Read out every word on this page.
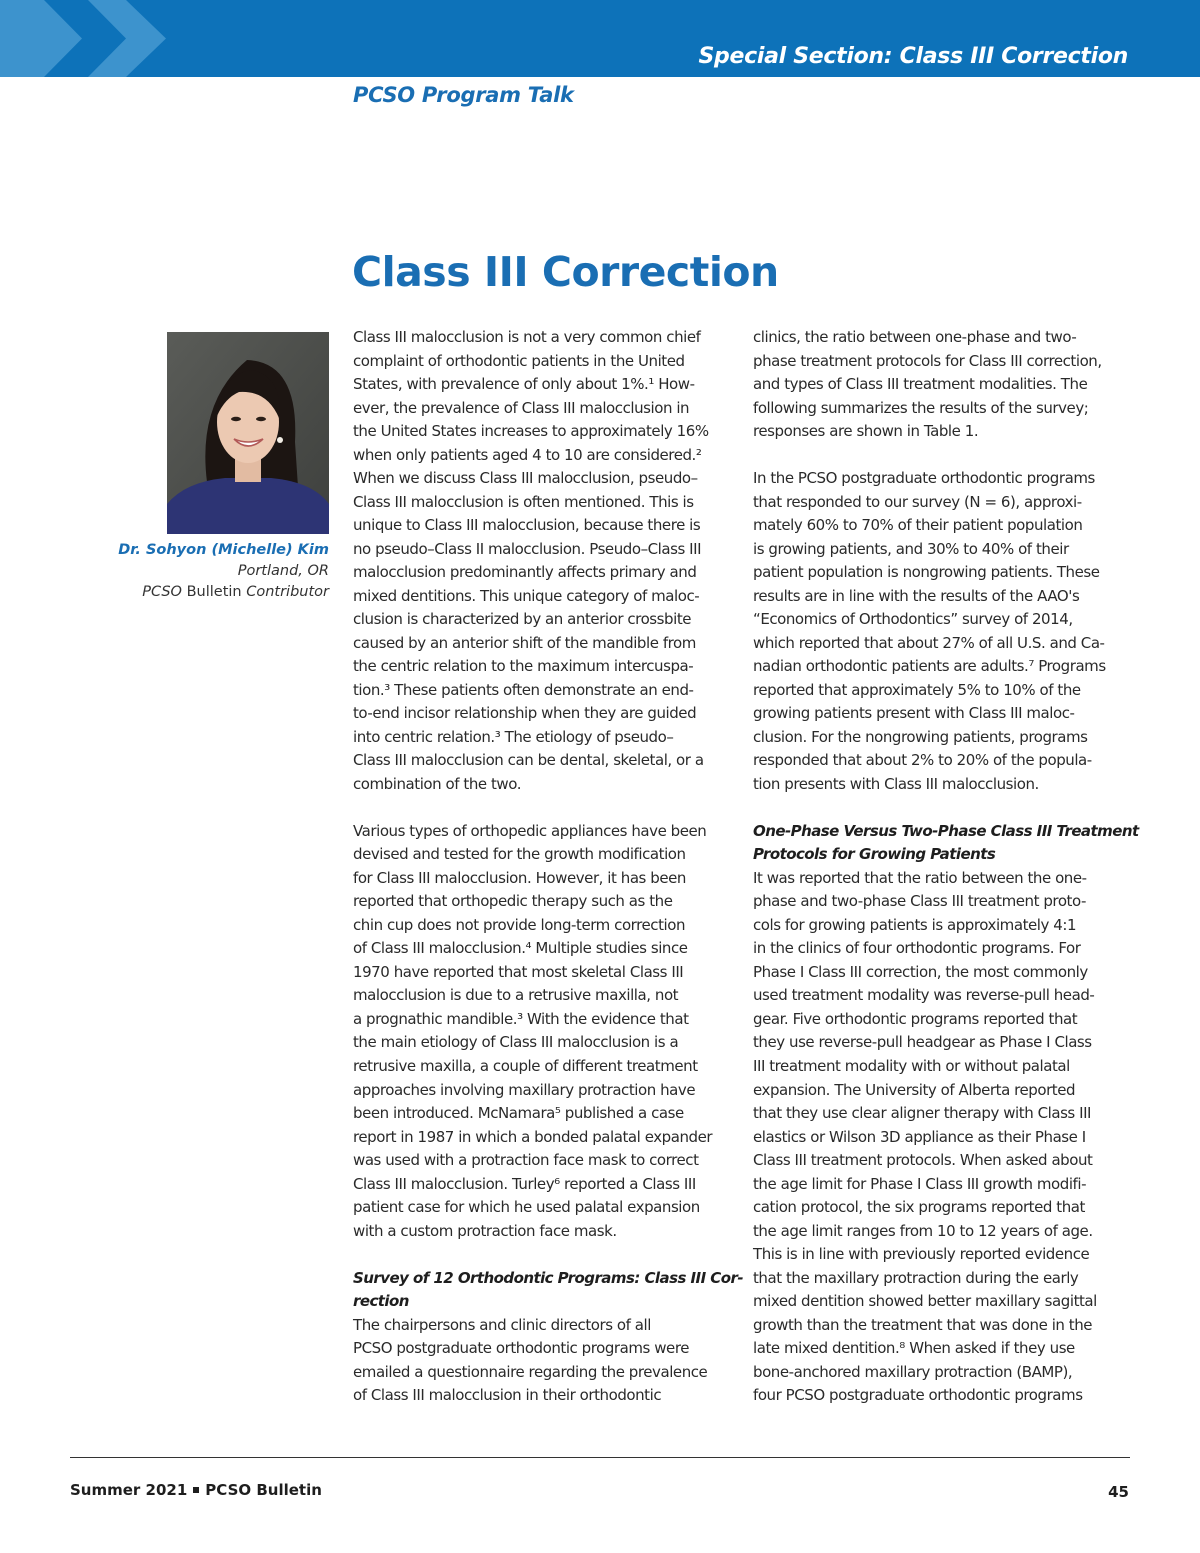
Special Section: Class III Correction
PCSO Program Talk
Class III Correction
Dr. Sohyon (Michelle) Kim
Portland, OR
PCSO Bulletin Contributor
Class III malocclusion is not a very common chief
complaint of orthodontic patients in the United
States, with prevalence of only about 1%.¹ How-
ever, the prevalence of Class III malocclusion in
the United States increases to approximately 16%
when only patients aged 4 to 10 are considered.²
When we discuss Class III malocclusion, pseudo–
Class III malocclusion is often mentioned. This is
unique to Class III malocclusion, because there is
no pseudo–Class II malocclusion. Pseudo–Class III
malocclusion predominantly affects primary and
mixed dentitions. This unique category of maloc-
clusion is characterized by an anterior crossbite
caused by an anterior shift of the mandible from
the centric relation to the maximum intercuspa-
tion.³ These patients often demonstrate an end-
to-end incisor relationship when they are guided
into centric relation.³ The etiology of pseudo–
Class III malocclusion can be dental, skeletal, or a
combination of the two.
Various types of orthopedic appliances have been
devised and tested for the growth modification
for Class III malocclusion. However, it has been
reported that orthopedic therapy such as the
chin cup does not provide long-term correction
of Class III malocclusion.⁴ Multiple studies since
1970 have reported that most skeletal Class III
malocclusion is due to a retrusive maxilla, not
a prognathic mandible.³ With the evidence that
the main etiology of Class III malocclusion is a
retrusive maxilla, a couple of different treatment
approaches involving maxillary protraction have
been introduced. McNamara⁵ published a case
report in 1987 in which a bonded palatal expander
was used with a protraction face mask to correct
Class III malocclusion. Turley⁶ reported a Class III
patient case for which he used palatal expansion
with a custom protraction face mask.
Survey of 12 Orthodontic Programs: Class III Cor-
rection
The chairpersons and clinic directors of all
PCSO postgraduate orthodontic programs were
emailed a questionnaire regarding the prevalence
of Class III malocclusion in their orthodontic
clinics, the ratio between one-phase and two-
phase treatment protocols for Class III correction,
and types of Class III treatment modalities. The
following summarizes the results of the survey;
responses are shown in Table 1.
In the PCSO postgraduate orthodontic programs
that responded to our survey (N = 6), approxi-
mately 60% to 70% of their patient population
is growing patients, and 30% to 40% of their
patient population is nongrowing patients. These
results are in line with the results of the AAO's
“Economics of Orthodontics” survey of 2014,
which reported that about 27% of all U.S. and Ca-
nadian orthodontic patients are adults.⁷ Programs
reported that approximately 5% to 10% of the
growing patients present with Class III maloc-
clusion. For the nongrowing patients, programs
responded that about 2% to 20% of the popula-
tion presents with Class III malocclusion.
One-Phase Versus Two-Phase Class III Treatment
Protocols for Growing Patients
It was reported that the ratio between the one-
phase and two-phase Class III treatment proto-
cols for growing patients is approximately 4:1
in the clinics of four orthodontic programs. For
Phase I Class III correction, the most commonly
used treatment modality was reverse-pull head-
gear. Five orthodontic programs reported that
they use reverse-pull headgear as Phase I Class
III treatment modality with or without palatal
expansion. The University of Alberta reported
that they use clear aligner therapy with Class III
elastics or Wilson 3D appliance as their Phase I
Class III treatment protocols. When asked about
the age limit for Phase I Class III growth modifi-
cation protocol, the six programs reported that
the age limit ranges from 10 to 12 years of age.
This is in line with previously reported evidence
that the maxillary protraction during the early
mixed dentition showed better maxillary sagittal
growth than the treatment that was done in the
late mixed dentition.⁸ When asked if they use
bone-anchored maxillary protraction (BAMP),
four PCSO postgraduate orthodontic programs
Summer 2021 PCSO Bulletin	45
